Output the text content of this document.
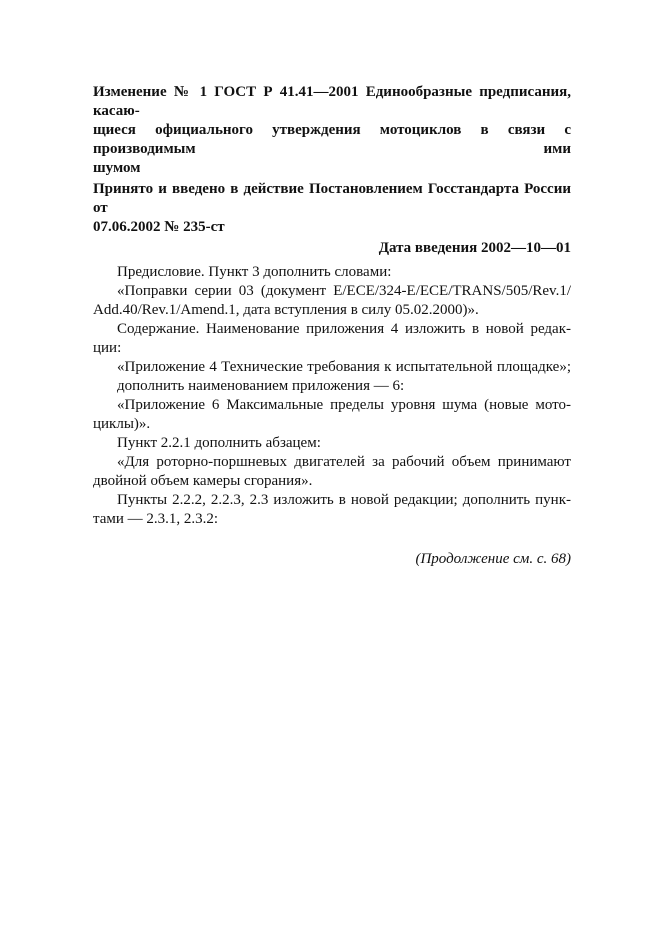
Изменение № 1 ГОСТ Р 41.41—2001 Единообразные предписания, касаю-
щиеся официального утверждения мотоциклов в связи с производимым ими
шумом
Принято и введено в действие Постановлением Госстандарта России от
07.06.2002 № 235-ст
Дата введения 2002—10—01
Предисловие. Пункт 3 дополнить словами:
«Поправки серии 03 (документ E/ECE/324-E/ECE/TRANS/505/Rev.1/
Add.40/Rev.1/Amend.1, дата вступления в силу 05.02.2000)».
Содержание. Наименование приложения 4 изложить в новой редак-
ции:
«Приложение 4 Технические требования к испытательной площадке»;
дополнить наименованием приложения — 6:
«Приложение 6 Максимальные пределы уровня шума (новые мото-
циклы)».
Пункт 2.2.1 дополнить абзацем:
«Для роторно-поршневых двигателей за рабочий объем принимают
двойной объем камеры сгорания».
Пункты 2.2.2, 2.2.3, 2.3 изложить в новой редакции; дополнить пунк-
тами — 2.3.1, 2.3.2:
(Продолжение см. с. 68)
